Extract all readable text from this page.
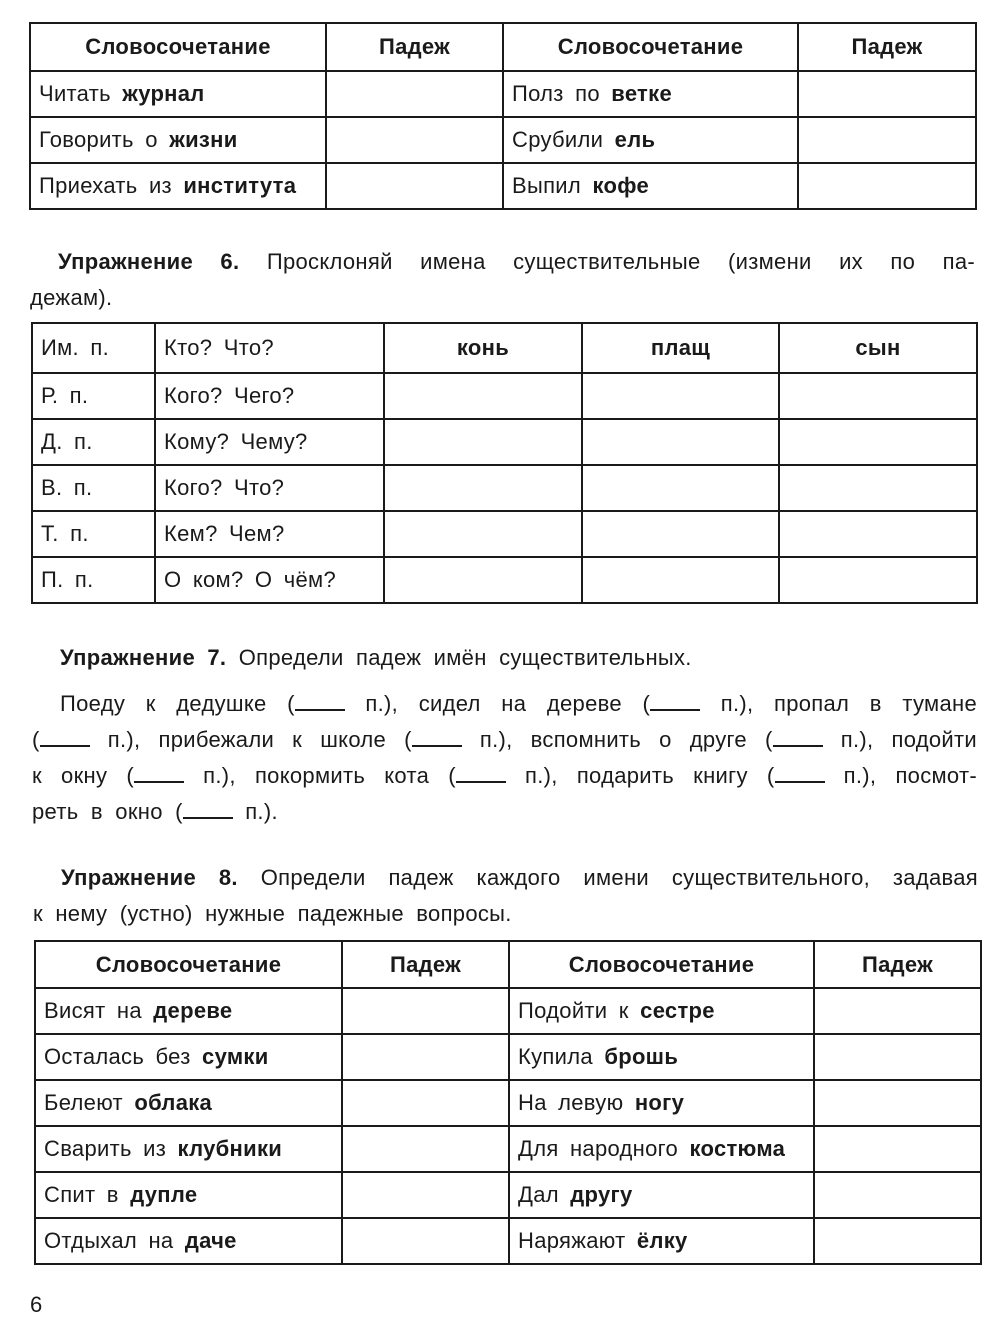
Словосочетание	Падеж	Словосочетание	Падеж
Читать журнал		Полз по ветке	
Говорить о жизни		Срубили ель	
Приехать из института		Выпил кофе	
Упражнение 6. Просклоняй имена существительные (измени их по па-
дежам).
Им. п.	Кто? Что?	конь	плащ	сын
Р. п.	Кого? Чего?			
Д. п.	Кому? Чему?			
В. п.	Кого? Что?			
Т. п.	Кем? Чем?			
П. п.	О ком? О чём?			
Упражнение 7. Определи падеж имён существительных.
Поеду к дедушке ( п.), сидел на дереве ( п.), пропал в тумане
( п.), прибежали к школе ( п.), вспомнить о друге ( п.), подойти
к окну ( п.), покормить кота ( п.), подарить книгу ( п.), посмот-
реть в окно ( п.).
Упражнение 8. Определи падеж каждого имени существительного, задавая
к нему (устно) нужные падежные вопросы.
Словосочетание	Падеж	Словосочетание	Падеж
Висят на дереве		Подойти к сестре	
Осталась без сумки		Купила брошь	
Белеют облака		На левую ногу	
Сварить из клубники		Для народного костюма	
Спит в дупле		Дал другу	
Отдыхал на даче		Наряжают ёлку	
6
